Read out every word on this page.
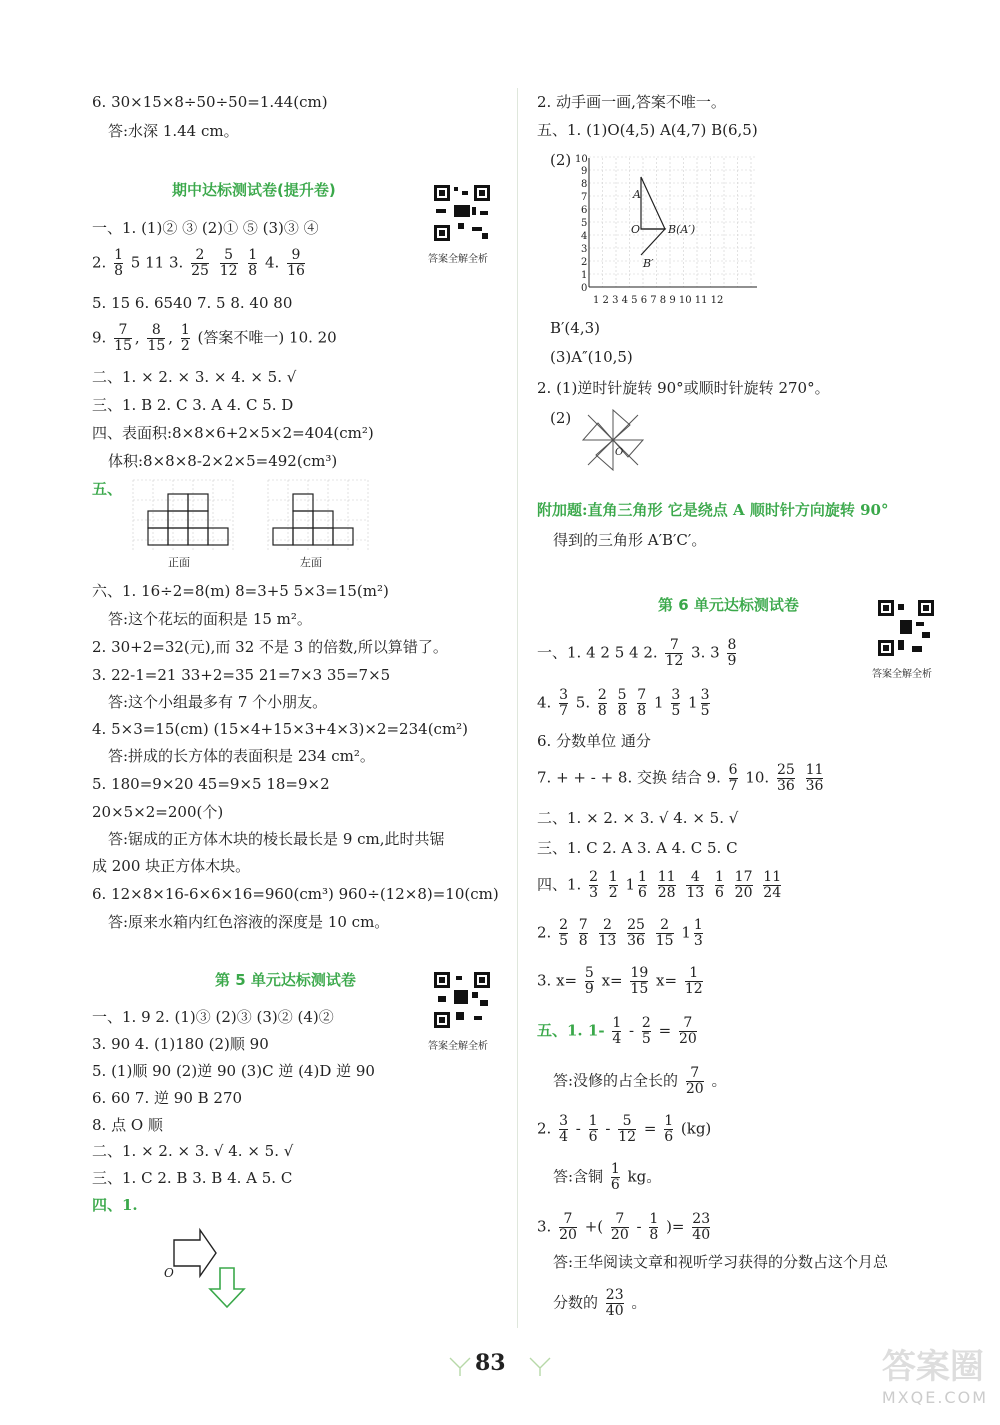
6. 30×15×8÷50÷50=1.44(cm)
答:水深 1.44 cm。
期中达标测试卷(提升卷)
答案全解全析
一、1. (1)② ③ (2)① ⑤ (3)③ ④
2. $\frac{1}{8} 5$ 11 3. $\frac{2}{25}$
$\frac{5}{12}$
$\frac{1}{8} 4$. $\frac{9}{16}$
5. 15 6. 6540 7. 5 8. 40 80
9. $\frac{7}{15}$ , $\frac{8}{15}$ , $\frac{1}{2}$ (答案不唯一) 10. 20
二、1. × 2. × 3. × 4. × 5. √
三、1. B 2. C 3. A 4. C 5. D
四、表面积:8×8×6+2×5×2=404(cm²)
体积:8×8×8-2×2×5=492(cm³)
五、
正面	左面
六、1. 16÷2=8(m) 8=3+5 5×3=15(m²)
答:这个花坛的面积是 15 m²。
2. 30+2=32(元),而 32 不是 3 的倍数,所以算错了。
3. 22-1=21 33+2=35 21=7×3 35=7×5
答:这个小组最多有 7 个小朋友。
4. 5×3=15(cm) (15×4+15×3+4×3)×2=234(cm²)
答:拼成的长方体的表面积是 234 cm²。
5. 180=9×20 45=9×5 18=9×2
20×5×2=200(个)
答:锯成的正方体木块的棱长最长是 9 cm,此时共锯
成 200 块正方体木块。
6. 12×8×16-6×6×16=960(cm³) 960÷(12×8)=10(cm)
答:原来水箱内红色溶液的深度是 10 cm。
第 5 单元达标测试卷
答案全解全析
一、1. 9 2. (1)③ (2)③ (3)② (4)②
3. 90 4. (1)180 (2)顺 90
5. (1)顺 90 (2)逆 90 (3)C 逆 (4)D 逆 90
6. 60 7. 逆 90 B 270
8. 点 O 顺
二、1. × 2. × 3. √ 4. × 5. √
三、1. C 2. B 3. B 4. A 5. C
四、1.
O
2. 动手画一画,答案不唯一。
五、1. (1)O(4,5) A(4,7) B(6,5)
(2) 10
9
8
7
6
5
4
3
2
1
0
1 2 3 4 5 6 7 8 9 10 11 12
A
O	B(A′)
B′
B′(4,3)
(3)A″(10,5)
2. (1)逆时针旋转 90°或顺时针旋转 270°。
(2)
O
附加题:直角三角形 它是绕点 A 顺时针方向旋转 90°
得到的三角形 A′B′C′。
第 6 单元达标测试卷
答案全解全析
一、1. 4 2 5 4 2. $\frac{7}{12} 3$. $3 \frac{8}{9}$
4. $\frac{3}{7} 5$. $\frac{2}{8}$
$\frac{5}{8}$
$\frac{7}{8} 1 \frac{3}{5} 1 \frac{3}{5}$
6. 分数单位 通分
7. + + - + 8. 交换 结合 9. $\frac{6}{7} 10$. $\frac{25}{36}$
$\frac{11}{36}$
二、1. × 2. × 3. √ 4. × 5. √
三、1. C 2. A 3. A 4. C 5. C
四、1. $\frac{2}{3}$
$\frac{1}{2} 1 \frac{1}{6}$
$\frac{11}{28}$
$\frac{4}{13}$
$\frac{1}{6}$
$\frac{17}{20}$
$\frac{11}{24}$
2. $\frac{2}{5}$
$\frac{7}{8}$
$\frac{2}{13}$
$\frac{25}{36}$
$\frac{2}{15} 1 \frac{1}{3}$
3. $x= \frac{5}{9} x= \frac{19}{15} x= \frac{1}{12}$
五、1. $1- \frac{1}{4} - \frac{2}{5} = \frac{7}{20}$
答:没修的占全长的 $\frac{7}{20}$ 。
2. $\frac{3}{4} - \frac{1}{6} - \frac{5}{12} = \frac{1}{6} (kg)$
答:含铜 $\frac{1}{6}$ kg。
3. $\frac{7}{20}$ +( $\frac{7}{20} - \frac{1}{8}$ )= $\frac{23}{40}$
答:王华阅读文章和视听学习获得的分数占这个月总
分数的 $\frac{23}{40}$ 。
83	答案圈
MXQE.COM
